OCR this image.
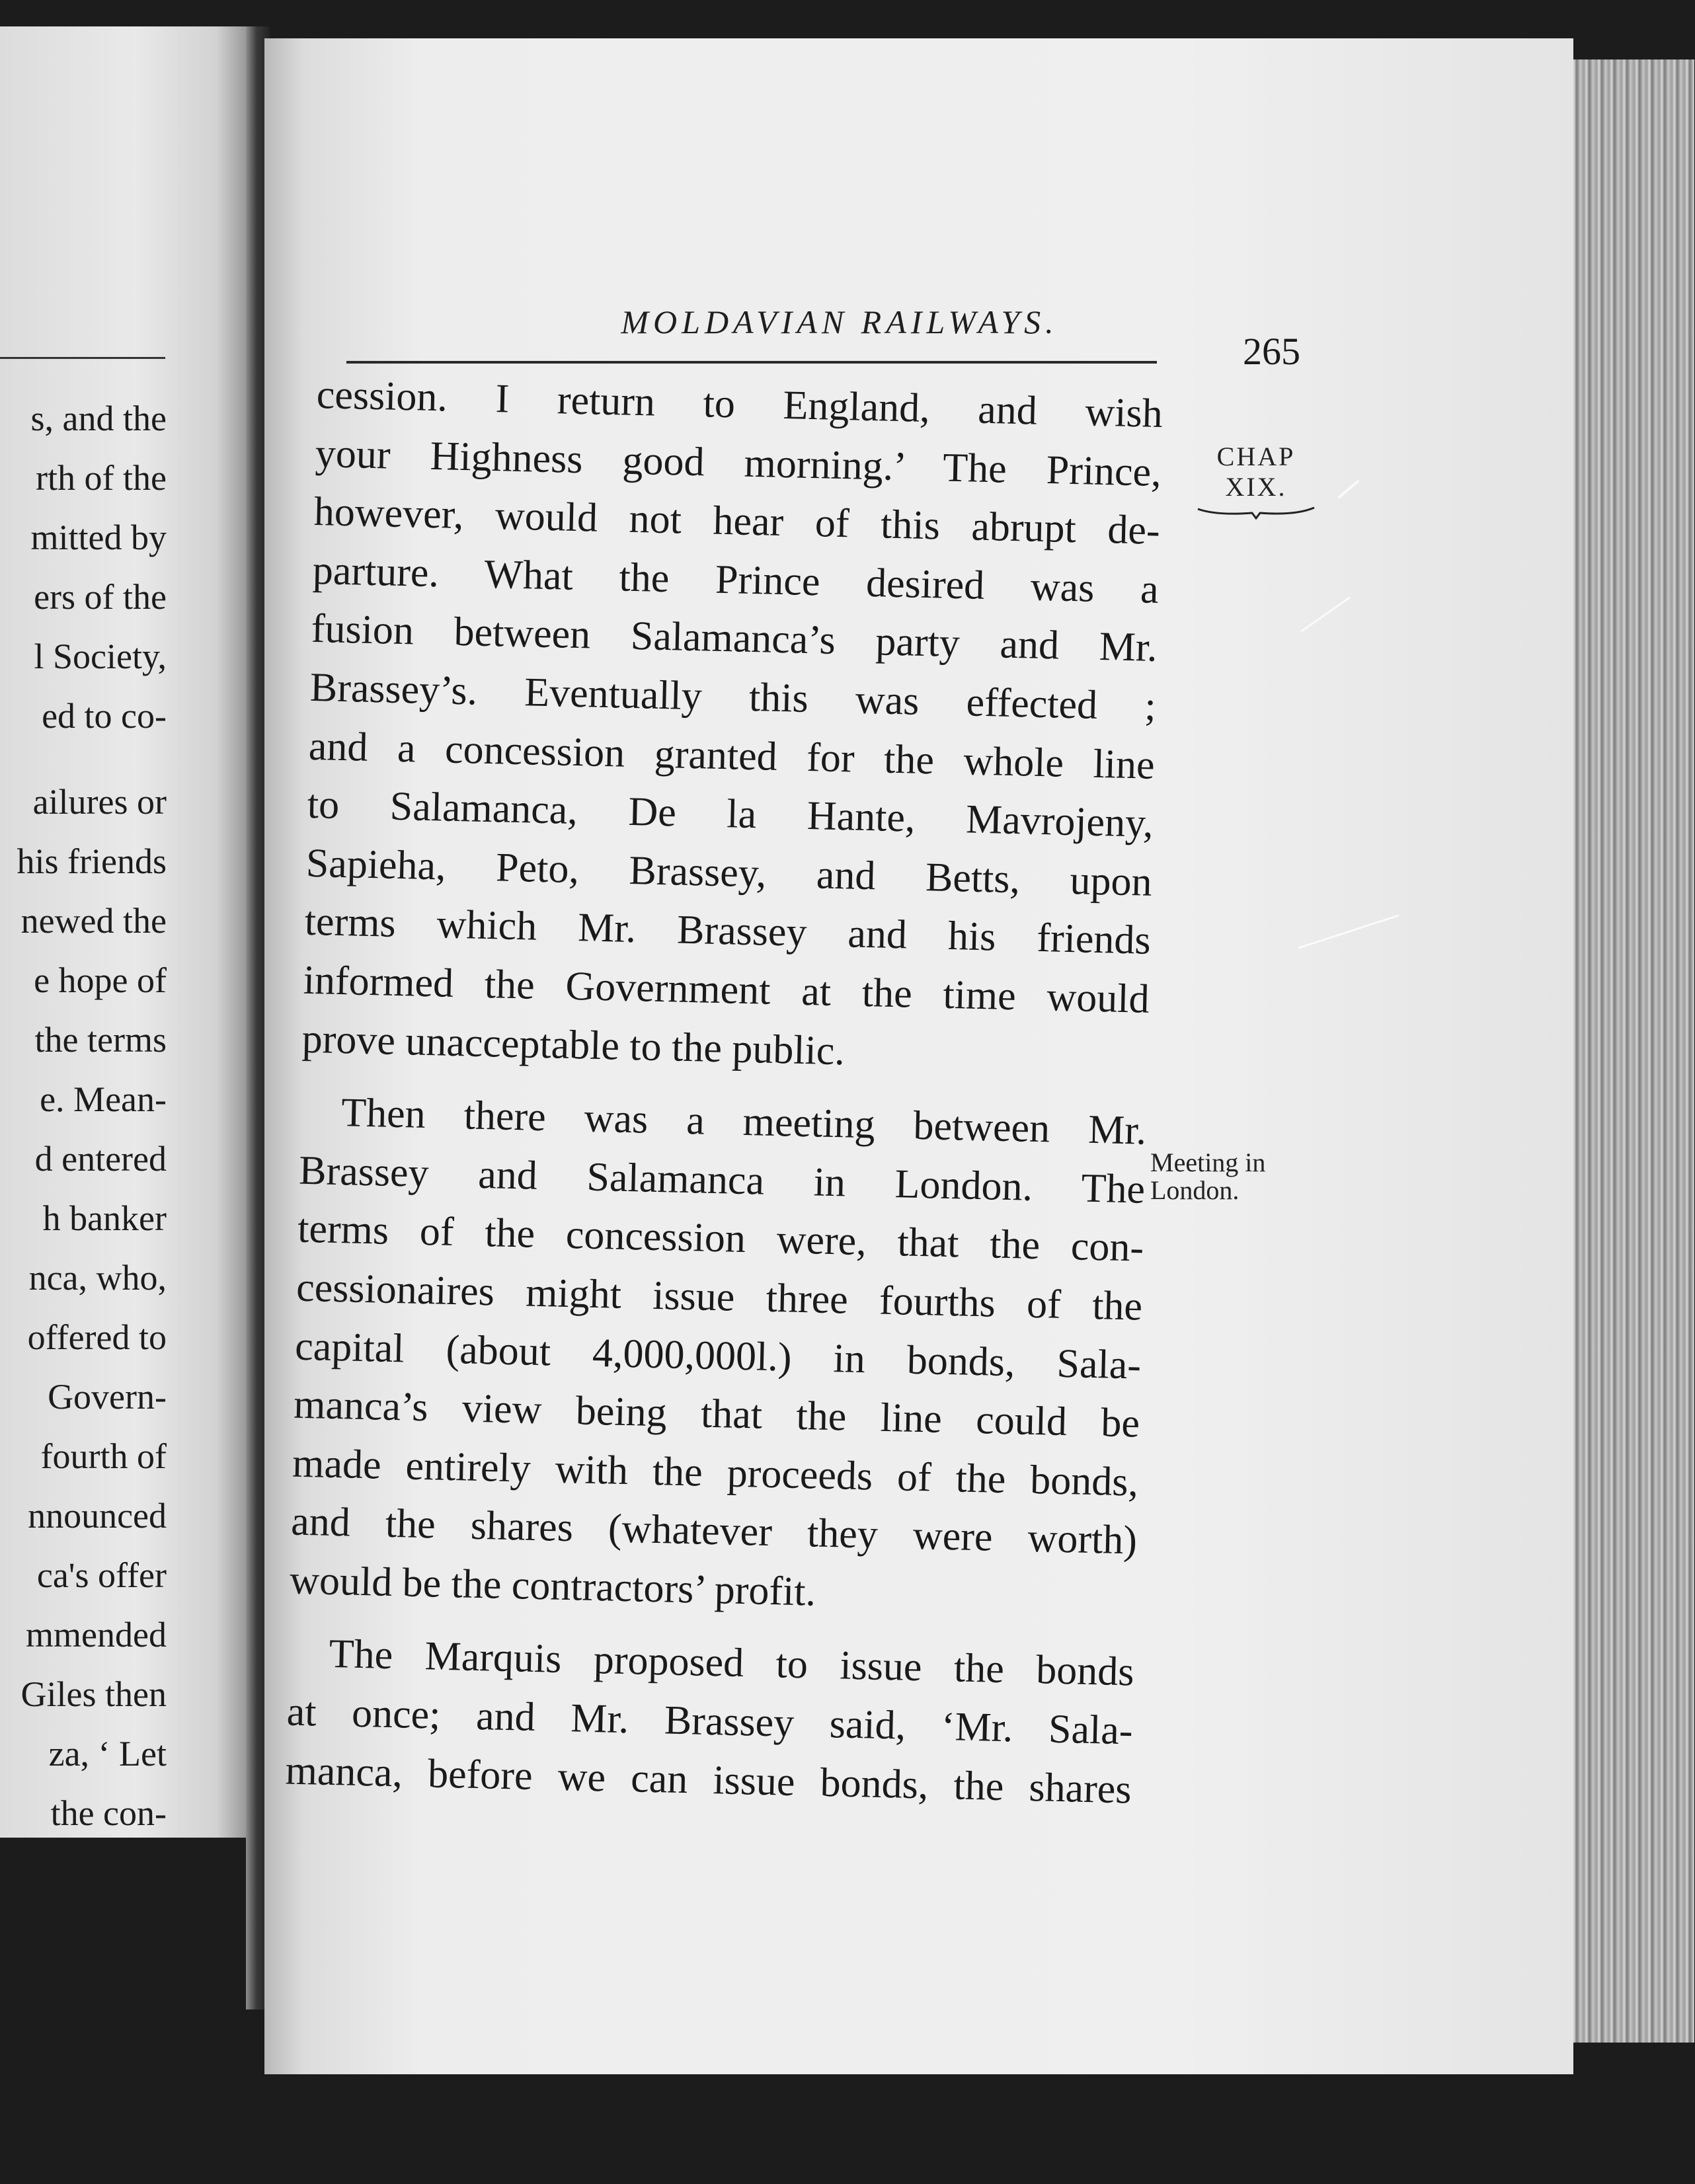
s, and the
rth of the
mitted by
ers of the
l Society,
ed to co-
ailures or
his friends
newed the
e hope of
the terms
e. Mean-
d entered
h banker
nca, who,
offered to
Govern-
fourth of
nnounced
ca's offer
mmended
Giles then
za, ‘ Let
the con-
MOLDAVIAN RAILWAYS.
265
CHAP
XIX.
Meeting in
London.
cession. I return to England, and wish
your Highness good morning.’ The Prince,
however, would not hear of this abrupt de-
parture. What the Prince desired was a
fusion between Salamanca’s party and Mr.
Brassey’s. Eventually this was effected ;
and a concession granted for the whole line
to Salamanca, De la Hante, Mavrojeny,
Sapieha, Peto, Brassey, and Betts, upon
terms which Mr. Brassey and his friends
informed the Government at the time would
prove unacceptable to the public.
Then there was a meeting between Mr.
Brassey and Salamanca in London. The
terms of the concession were, that the con-
cessionaires might issue three fourths of the
capital (about 4,000,000l.) in bonds, Sala-
manca’s view being that the line could be
made entirely with the proceeds of the bonds,
and the shares (whatever they were worth)
would be the contractors’ profit.
The Marquis proposed to issue the bonds
at once; and Mr. Brassey said, ‘Mr. Sala-
manca, before we can issue bonds, the shares
